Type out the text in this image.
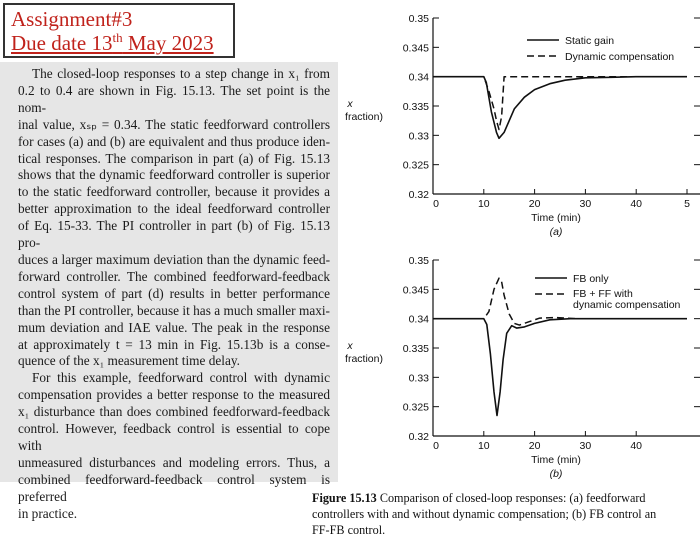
Assignment#3
Due date 13th May 2023
The closed-loop responses to a step change in x₁ from
0.2 to 0.4 are shown in Fig. 15.13. The set point is the nom-
inal value, xₛₚ = 0.34. The static feedforward controllers
for cases (a) and (b) are equivalent and thus produce iden-
tical responses. The comparison in part (a) of Fig. 15.13
shows that the dynamic feedforward controller is superior
to the static feedforward controller, because it provides a
better approximation to the ideal feedforward controller
of Eq. 15-33. The PI controller in part (b) of Fig. 15.13 pro-
duces a larger maximum deviation than the dynamic feed-
forward controller. The combined feedforward-feedback
control system of part (d) results in better performance
than the PI controller, because it has a much smaller maxi-
mum deviation and IAE value. The peak in the response
at approximately t = 13 min in Fig. 15.13b is a conse-
quence of the x₁ measurement time delay.
For this example, feedforward control with dynamic
compensation provides a better response to the measured
x₁ disturbance than does combined feedforward-feedback
control. However, feedback control is essential to cope with
unmeasured disturbances and modeling errors. Thus, a
combined feedforward-feedback control system is preferred
in practice.
0.35
0.345
0.34
0.335
0.33
0.325
0.32
0	10	20	30	40	5
x
fraction)
Time (min)
(a)
Static gain
Dynamic compensation
0.35
0.345
0.34
0.335
0.33
0.325
0.32
0	10	20	30	40
x
fraction)
Time (min)
(b)
FB only
FB + FF with
dynamic compensation
Figure 15.13 Comparison of closed-loop responses: (a) feedforward
controllers with and without dynamic compensation; (b) FB control an
FF-FB control.
